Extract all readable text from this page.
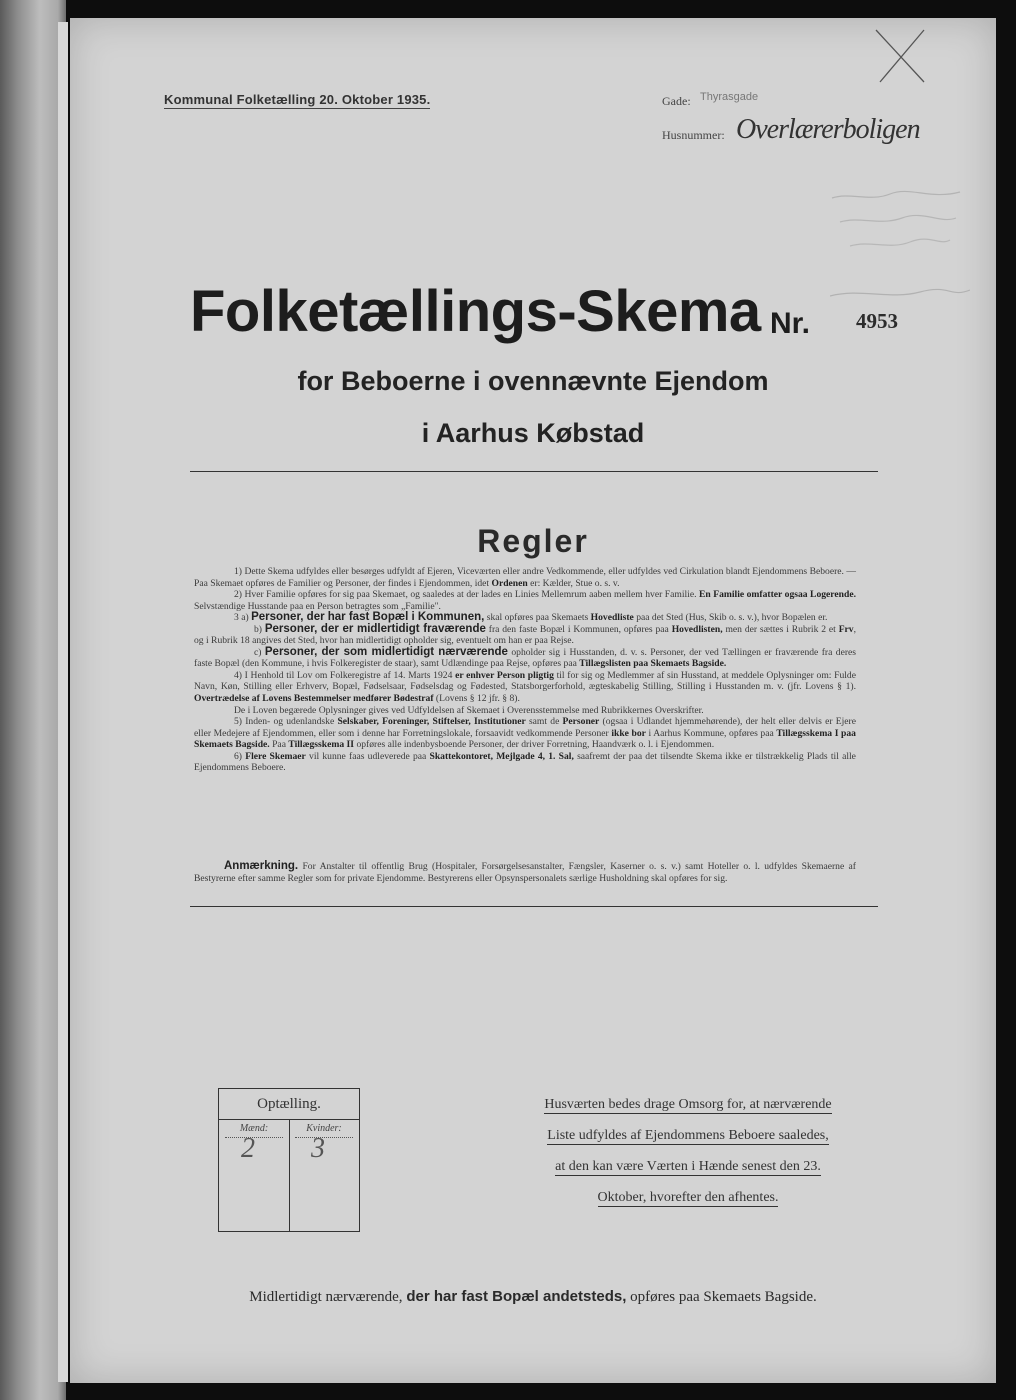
Kommunal Folketælling 20. Oktober 1935.	Gade: Thyrasgade
Husnummer: Overlærerboligen
Folketællings-Skema Nr. 4953
for Beboerne i ovennævnte Ejendom
i Aarhus Købstad
Regler

1) Dette Skema udfyldes eller besørges udfyldt af Ejeren, Viceværten eller andre Vedkommende, eller udfyldes ved Cirkulation blandt Ejendommens Beboere. — Paa Skemaet opføres de Familier og Personer, der findes i Ejendommen, idet Ordenen er: Kælder, Stue o. s. v.

2) Hver Familie opføres for sig paa Skemaet, og saaledes at der lades en Linies Mellemrum aaben mellem hver Familie. En Familie omfatter ogsaa Logerende. Selvstændige Husstande paa en Person betragtes som „Familie".

3 a) Personer, der har fast Bopæl i Kommunen, skal opføres paa Skemaets Hovedliste paa det Sted (Hus, Skib o. s. v.), hvor Bopælen er.

b) Personer, der er midlertidigt fraværende fra den faste Bopæl i Kommunen, opføres paa Hovedlisten, men der sættes i Rubrik 2 et Frv, og i Rubrik 18 angives det Sted, hvor han midlertidigt opholder sig, eventuelt om han er paa Rejse.

c) Personer, der som midlertidigt nærværende opholder sig i Husstanden, d. v. s. Personer, der ved Tællingen er fraværende fra deres faste Bopæl (den Kommune, i hvis Folkeregister de staar), samt Udlændinge paa Rejse, opføres paa Tillægslisten paa Skemaets Bagside.

4) I Henhold til Lov om Folkeregistre af 14. Marts 1924 er enhver Person pligtig til for sig og Medlemmer af sin Husstand, at meddele Oplysninger om: Fulde Navn, Køn, Stilling eller Erhverv, Bopæl, Fødselsaar, Fødselsdag og Fødested, Statsborgerforhold, ægteskabelig Stilling, Stilling i Husstanden m. v. (jfr. Lovens § 1). Overtrædelse af Lovens Bestemmelser medfører Bødestraf (Lovens § 12 jfr. § 8).

De i Loven begærede Oplysninger gives ved Udfyldelsen af Skemaet i Overensstemmelse med Rubrikkernes Overskrifter.

5) Inden- og udenlandske Selskaber, Foreninger, Stiftelser, Institutioner samt de Personer (ogsaa i Udlandet hjemmehørende), der helt eller delvis er Ejere eller Medejere af Ejendommen, eller som i denne har Forretningslokale, forsaavidt vedkommende Personer ikke bor i Aarhus Kommune, opføres paa Tillægsskema I paa Skemaets Bagside. Paa Tillægsskema II opføres alle indenbysboende Personer, der driver Forretning, Haandværk o. l. i Ejendommen.

6) Flere Skemaer vil kunne faas udleverede paa Skattekontoret, Mejlgade 4, 1. Sal, saafremt der paa det tilsendte Skema ikke er tilstrækkelig Plads til alle Ejendommens Beboere.

Anmærkning. For Anstalter til offentlig Brug (Hospitaler, Forsørgelsesanstalter, Fængsler, Kaserner o. s. v.) samt Hoteller o. l. udfyldes Skemaerne af Bestyrerne efter samme Regler som for private Ejendomme. Bestyrerens eller Opsynspersonalets særlige Husholdning skal opføres for sig.
Optælling.
Mænd:	Kvinder:
2 3
Husværten bedes drage Omsorg for, at nærværende
Liste udfyldes af Ejendommens Beboere saaledes,
at den kan være Værten i Hænde senest den 23.
Oktober, hvorefter den afhentes.
Midlertidigt nærværende, der har fast Bopæl andetsteds, opføres paa Skemaets Bagside.
